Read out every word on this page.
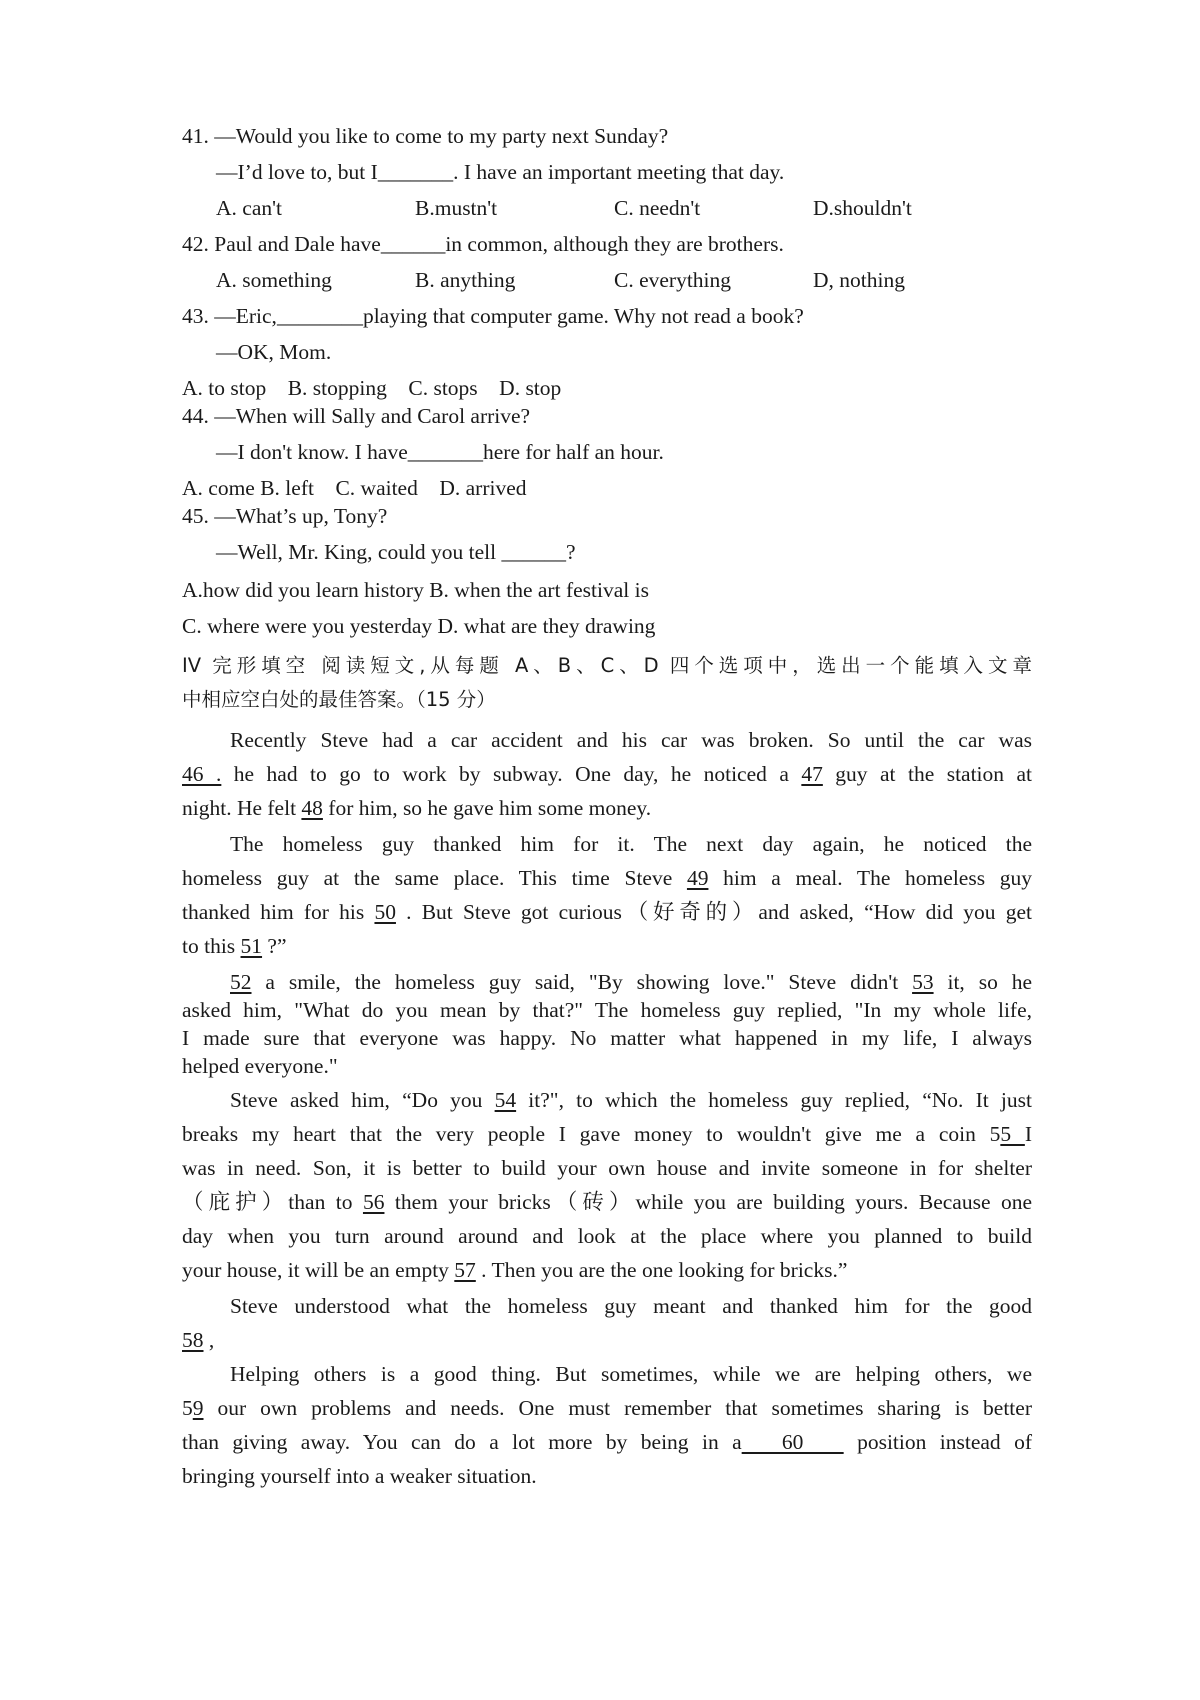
41. —Would you like to come to my party next Sunday?
—I’d love to, but I_______. I have an important meeting that day.
A. can't	B.mustn't	C. needn't	D.shouldn't
42. Paul and Dale have______in common, although they are brothers.
A. something	B. anything	C. everything	D, nothing
43. —Eric,________playing that computer game. Why not read a book?
—OK, Mom.
A. to stop    B. stopping    C. stops    D. stop
44. —When will Sally and Carol arrive?
—I don't know. I have_______here for half an hour.
A. come B. left    C. waited    D. arrived
45. —What’s up, Tony?
—Well, Mr. King, could you tell ______?
A.how did you learn history B. when the art festival is
C. where were you yesterday D. what are they drawing
IV 完形填空 阅读短文,从每题 A、B、C、D 四个选项中，选出一个能填入文章
中相应空白处的最佳答案。（15 分）
Recently Steve had a car accident and his car was broken. So until the car was
46 . he had to go to work by subway. One day, he noticed a 47 guy at the station at
night. He felt 48 for him, so he gave him some money.
The homeless guy thanked him for it. The next day again, he noticed the
homeless guy at the same place. This time Steve 49 him a meal. The homeless guy
thanked him for his 50 . But Steve got curious（好奇的）and asked, “How did you get
to this 51 ?”
52 a smile, the homeless guy said, "By showing love." Steve didn't 53 it, so he
asked him, "What do you mean by that?" The homeless guy replied, "In my whole life,
I made sure that everyone was happy. No matter what happened in my life, I always
helped everyone."
Steve asked him, “Do you 54 it?", to which the homeless guy replied, “No. It just
breaks my heart that the very people I gave money to wouldn't give me a coin 55 I
was in need. Son, it is better to build your own house and invite someone in for shelter
（庇护）than to 56 them your bricks（砖）while you are building yours. Because one
day when you turn around around and look at the place where you planned to build
your house, it will be an empty 57 . Then you are the one looking for bricks.”
Steve understood what the homeless guy meant and thanked him for the good
58 ,
Helping others is a good thing. But sometimes, while we are helping others, we
59 our own problems and needs. One must remember that sometimes sharing is better
than giving away. You can do a lot more by being in a   60    position instead of
bringing yourself into a weaker situation.
